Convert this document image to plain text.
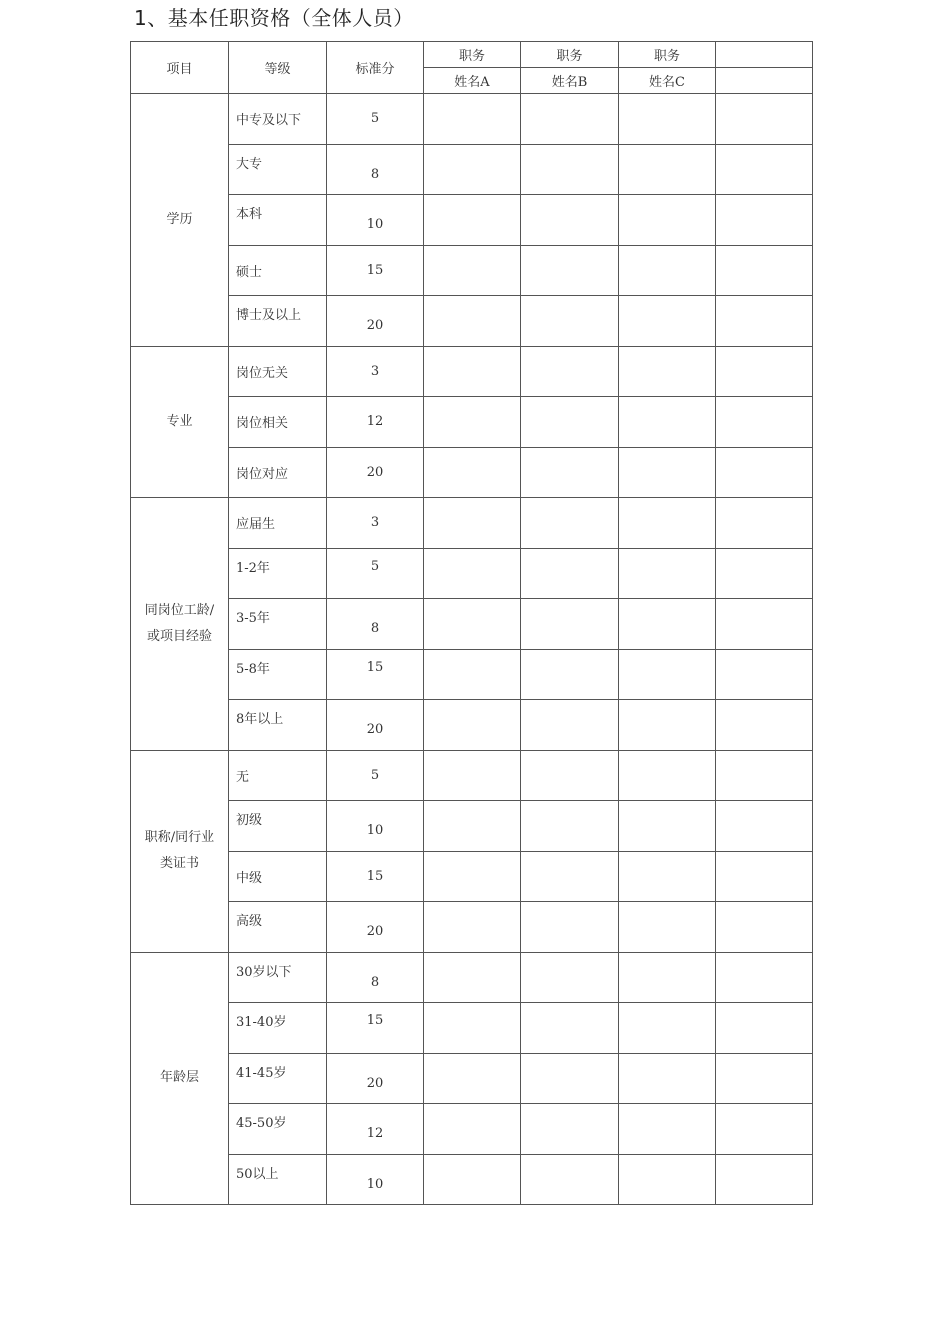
1、基本任职资格（全体人员）
项目	等级	标准分	职务	职务	职务	
			姓名A	姓名B	姓名C	
学历	中专及以下	5				
	大专	8				
	本科	10				
	硕士	15				
	博士及以上	20				
专业	岗位无关	3				
	岗位相关	12				
	岗位对应	20				

同岗位工龄/
或项目经验	应届生	3				
	1-2年	5				
	3-5年	8				
	5-8年	15				
	8年以上	20				

职称/同行业
类证书	无	5				
	初级	10				
	中级	15				
	高级	20				
年龄层	30岁以下	8				
	31-40岁	15				
	41-45岁	20				
	45-50岁	12				
	50以上	10				
